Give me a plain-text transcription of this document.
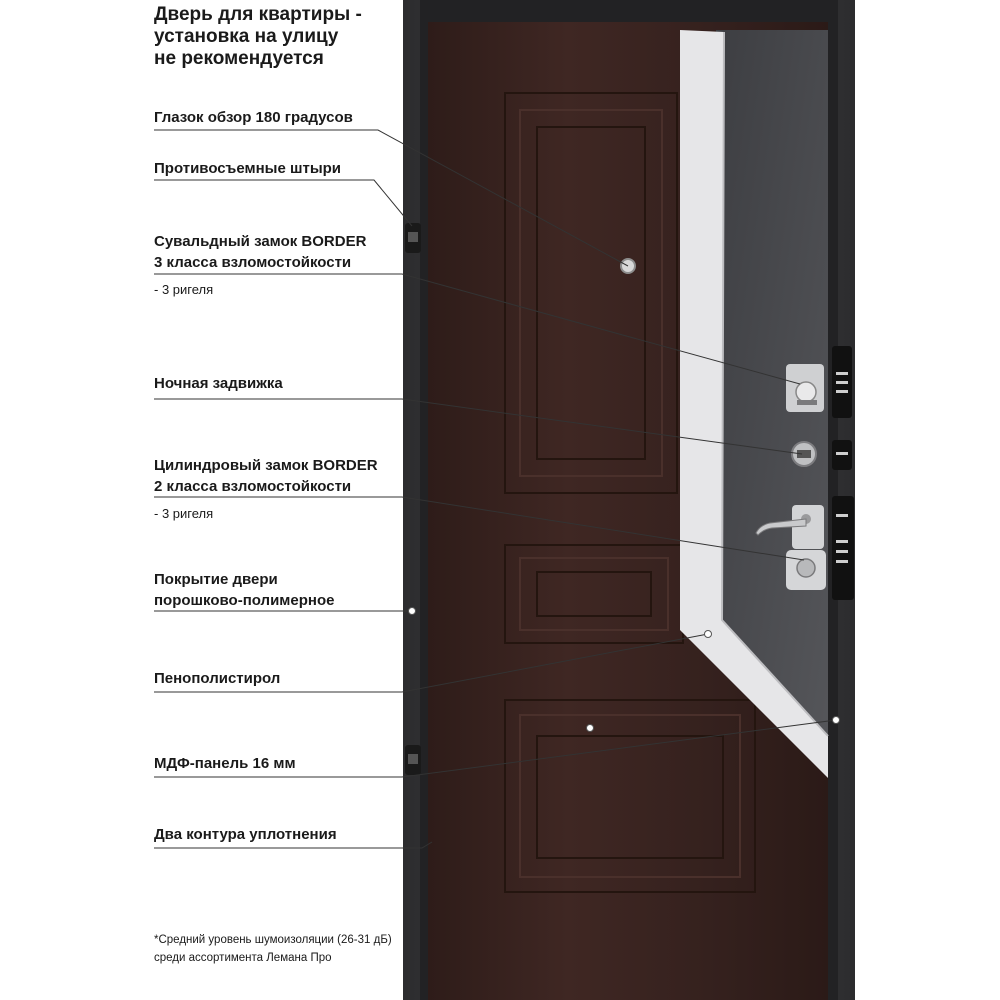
Дверь для квартиры -
установка на улицу
не рекомендуется
Глазок обзор 180 градусов
Противосъемные штыри
Сувальдный замок BORDER
3 класса взломостойкости
- 3 ригеля
Ночная задвижка
Цилиндровый замок BORDER
2 класса взломостойкости
- 3 ригеля
Покрытие двери
порошково-полимерное
Пенополистирол
МДФ-панель 16 мм
Два контура уплотнения
*Средний уровень шумоизоляции (26-31 дБ)
среди ассортимента Лемана Про
